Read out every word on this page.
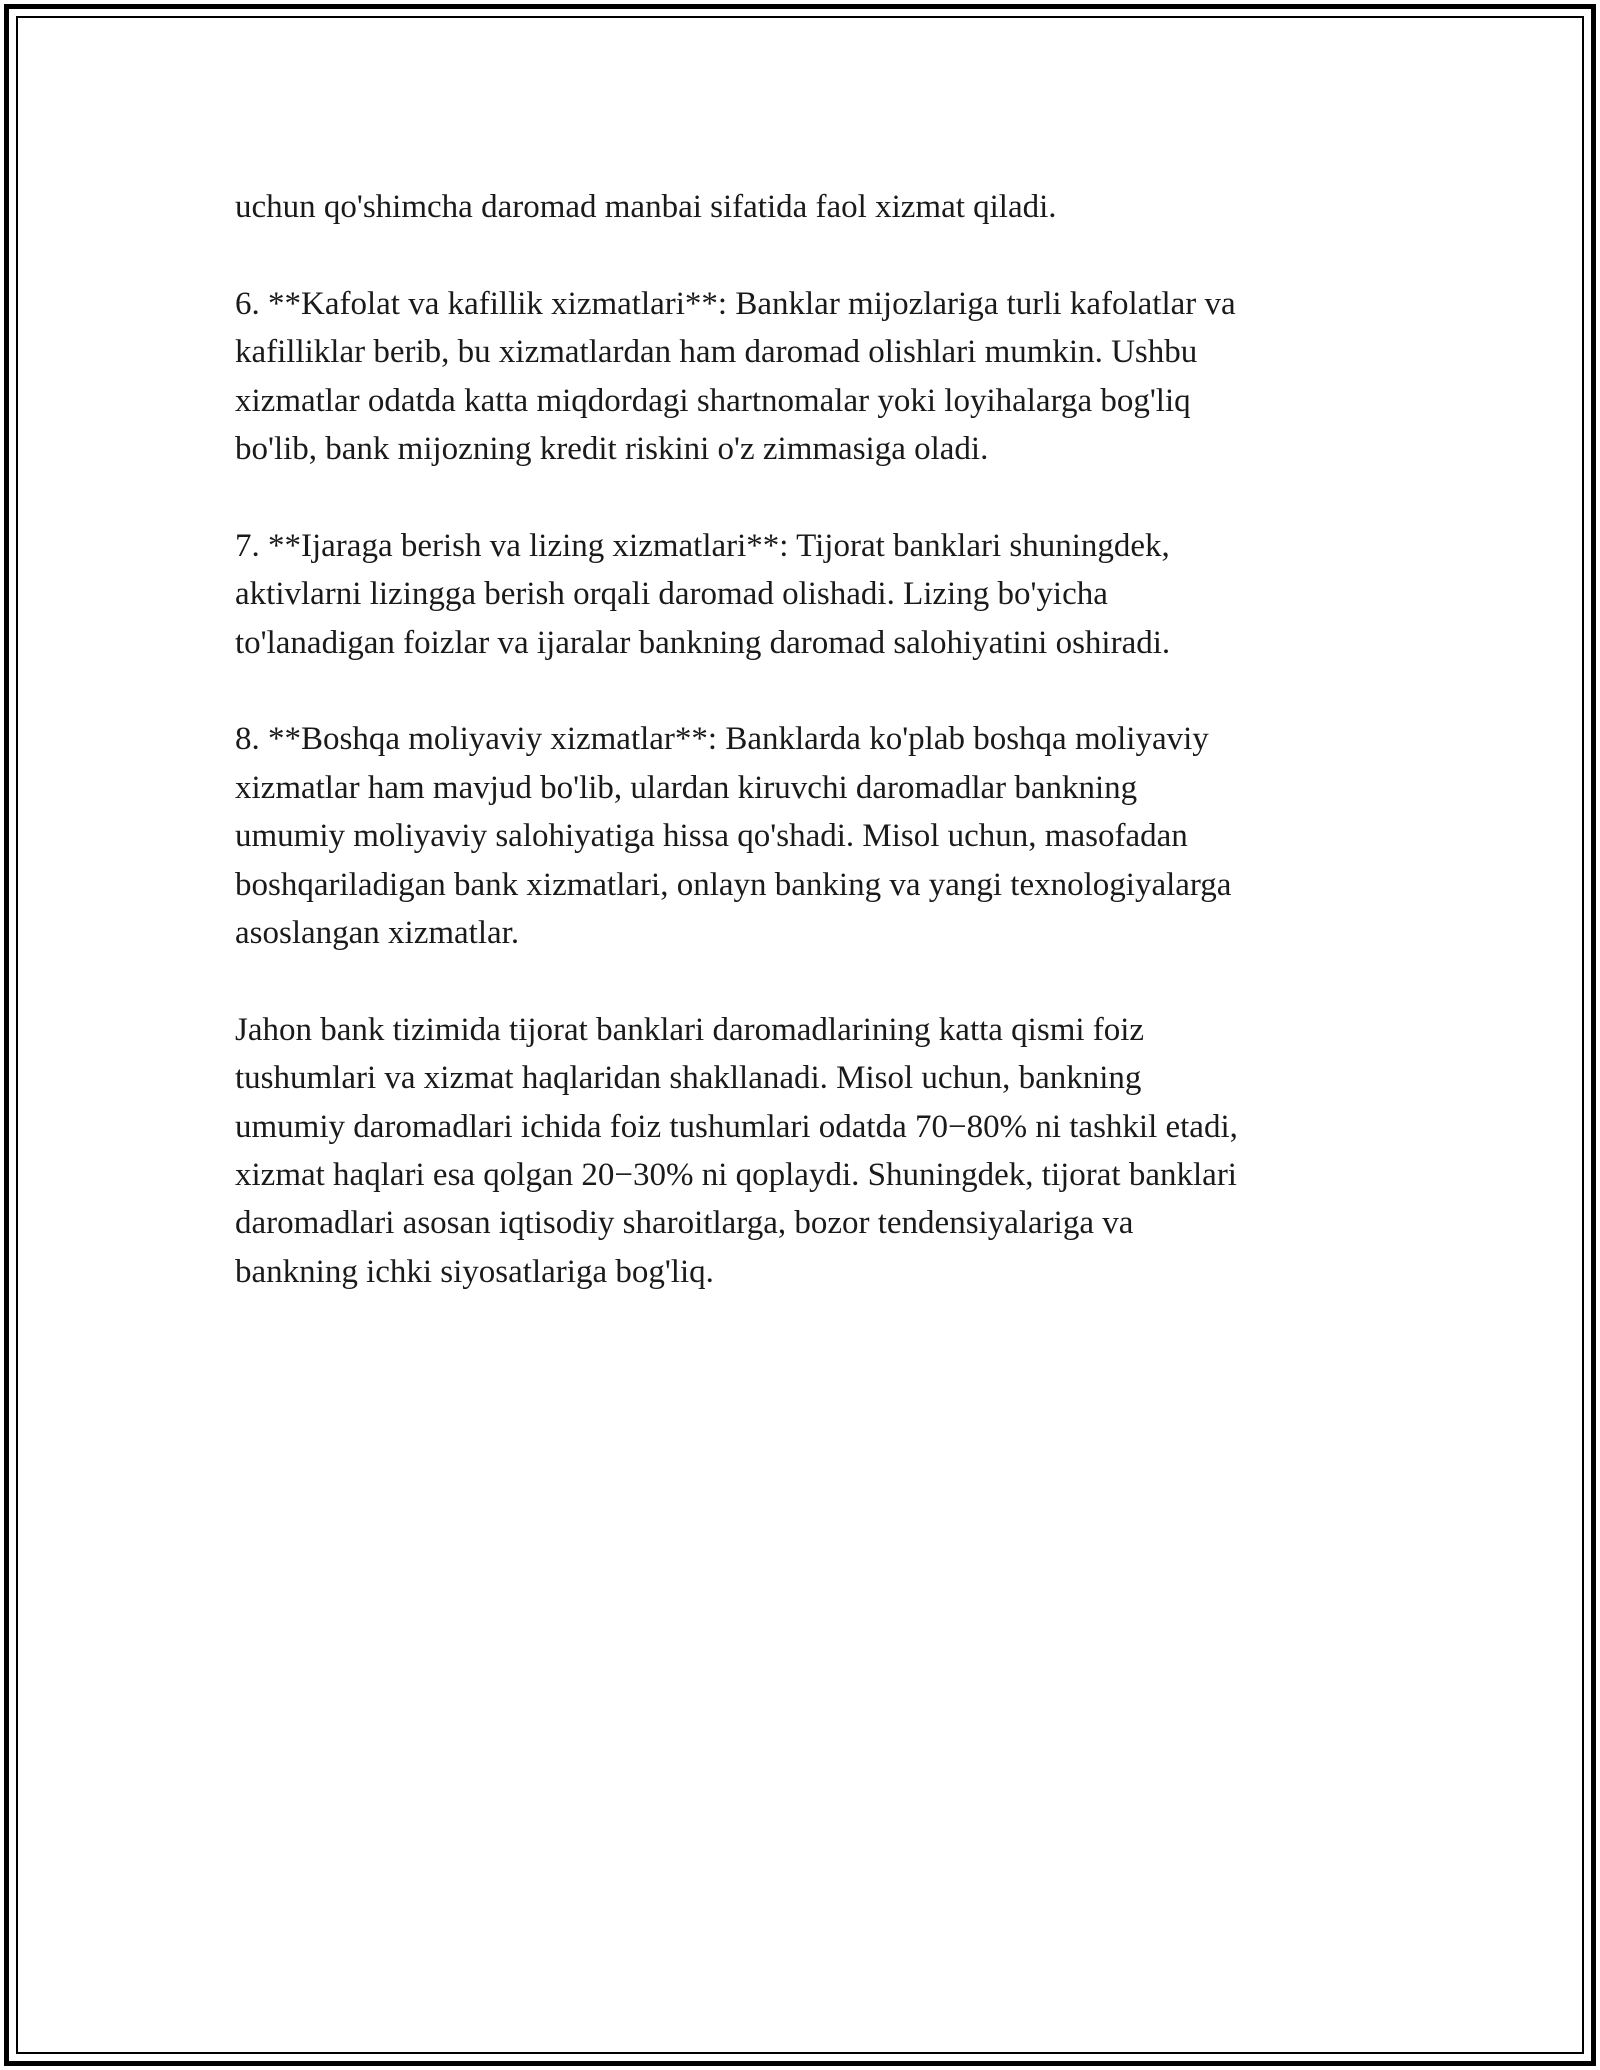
uchun qo'shimcha daromad manbai sifatida faol xizmat qiladi.

6. **Kafolat va kafillik xizmatlari**: Banklar mijozlariga turli kafolatlar va
kafilliklar berib, bu xizmatlardan ham daromad olishlari mumkin. Ushbu
xizmatlar odatda katta miqdordagi shartnomalar yoki loyihalarga bog'liq
bo'lib, bank mijozning kredit riskini o'z zimmasiga oladi.

7. **Ijaraga berish va lizing xizmatlari**: Tijorat banklari shuningdek,
aktivlarni lizingga berish orqali daromad olishadi. Lizing bo'yicha
to'lanadigan foizlar va ijaralar bankning daromad salohiyatini oshiradi.

8. **Boshqa moliyaviy xizmatlar**: Banklarda ko'plab boshqa moliyaviy
xizmatlar ham mavjud bo'lib, ulardan kiruvchi daromadlar bankning
umumiy moliyaviy salohiyatiga hissa qo'shadi. Misol uchun, masofadan
boshqariladigan bank xizmatlari, onlayn banking va yangi texnologiyalarga
asoslangan xizmatlar.

Jahon bank tizimida tijorat banklari daromadlarining katta qismi foiz
tushumlari va xizmat haqlaridan shakllanadi. Misol uchun, bankning
umumiy daromadlari ichida foiz tushumlari odatda 70−80% ni tashkil etadi,
xizmat haqlari esa qolgan 20−30% ni qoplaydi. Shuningdek, tijorat banklari
daromadlari asosan iqtisodiy sharoitlarga, bozor tendensiyalariga va
bankning ichki siyosatlariga bog'liq.
